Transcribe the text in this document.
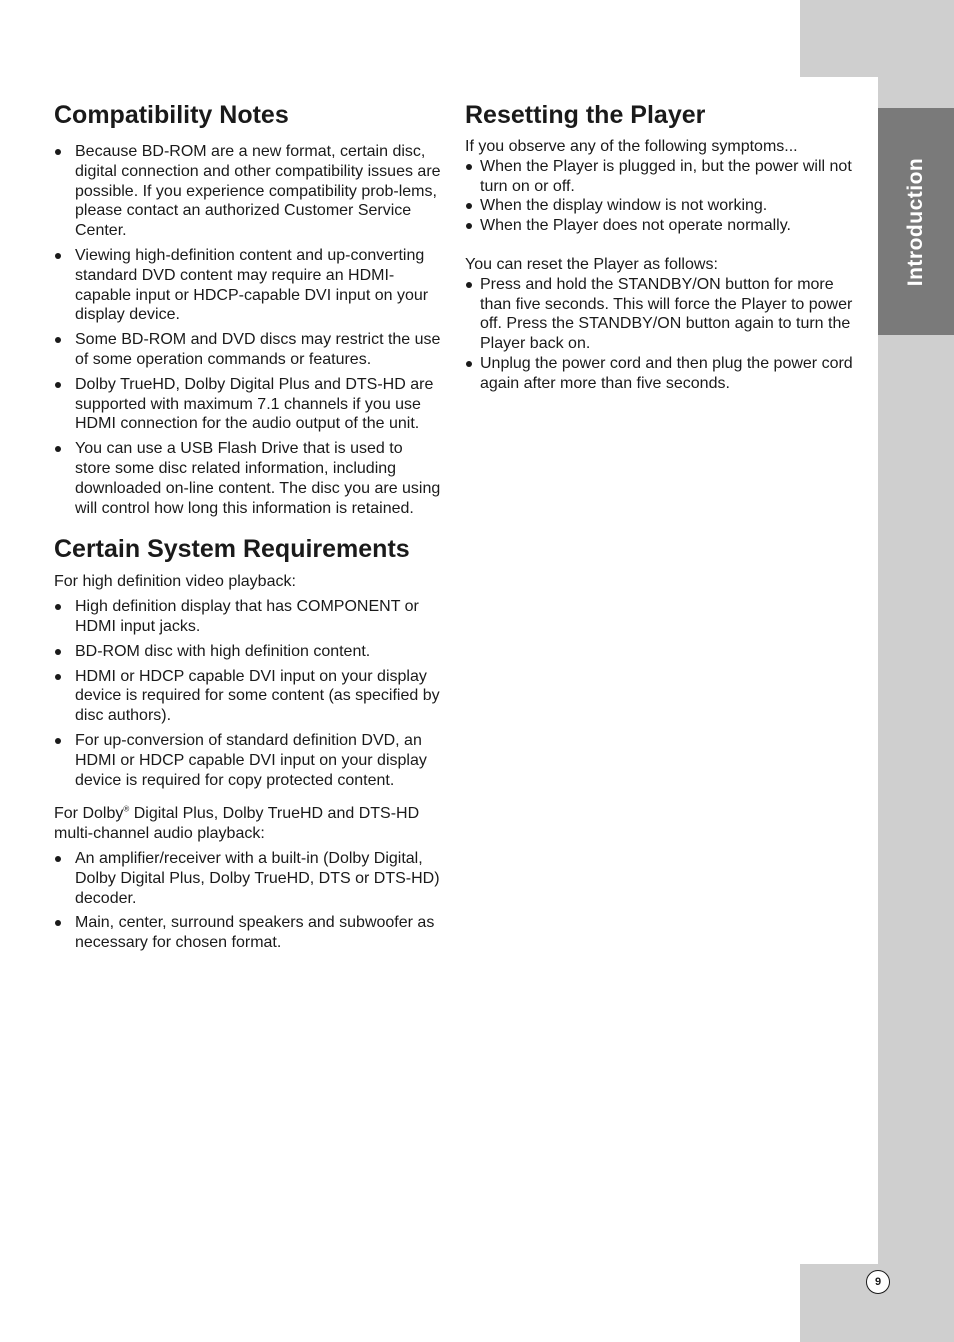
Introduction
9
Compatibility Notes
Because BD-ROM are a new format, certain disc, digital connection and other compatibility issues are possible. If you experience compatibility prob-lems, please contact an authorized Customer Service Center.
Viewing high-definition content and up-converting standard DVD content may require an HDMI-capable input or HDCP-capable DVI input on your display device.
Some BD-ROM and DVD discs may restrict the use of some operation commands or features.
Dolby TrueHD, Dolby Digital Plus and DTS-HD are supported with maximum 7.1 channels if you use HDMI connection for the audio output of the unit.
You can use a USB Flash Drive that is used to store some disc related information, including downloaded on-line content. The disc you are using will control how long this information is retained.
Certain System Requirements

For high definition video playback:

High definition display that has COMPONENT or HDMI input jacks.
BD-ROM disc with high definition content.
HDMI or HDCP capable DVI input on your display device is required for some content (as specified by disc authors).
For up-conversion of standard definition DVD, an HDMI or HDCP capable DVI input on your display device is required for copy protected content.

For Dolby® Digital Plus, Dolby TrueHD and DTS-HD multi-channel audio playback:

An amplifier/receiver with a built-in (Dolby Digital, Dolby Digital Plus, Dolby TrueHD, DTS or DTS-HD) decoder.
Main, center, surround speakers and subwoofer as necessary for chosen format.
Resetting the Player

If you observe any of the following symptoms...

When the Player is plugged in, but the power will not turn on or off.
When the display window is not working.
When the Player does not operate normally.

You can reset the Player as follows:

Press and hold the STANDBY/ON button for more than five seconds. This will force the Player to power off. Press the STANDBY/ON button again to turn the Player back on.
Unplug the power cord and then plug the power cord again after more than five seconds.
